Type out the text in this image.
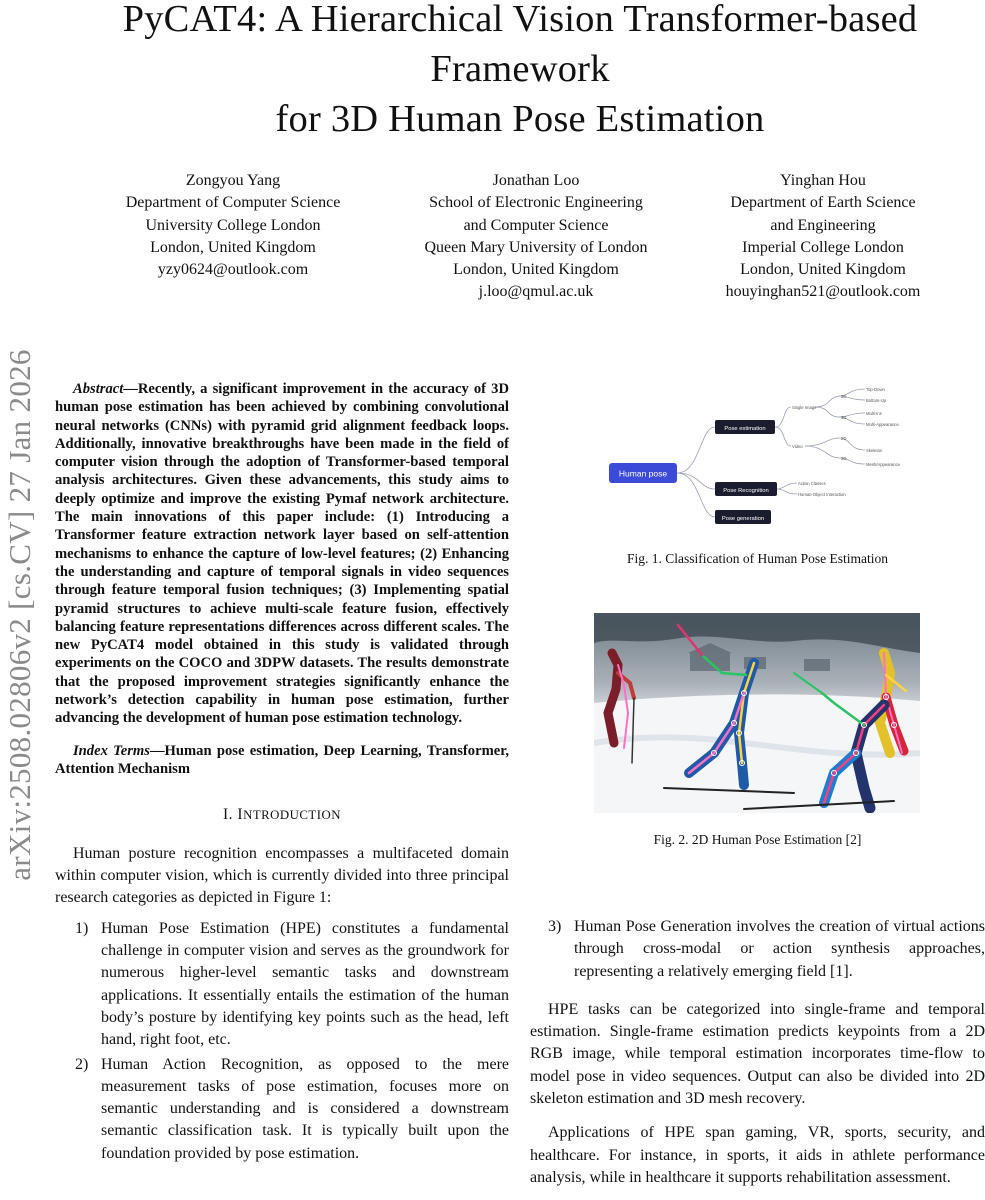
PyCAT4: A Hierarchical Vision Transformer-based
Framework
for 3D Human Pose Estimation
Zongyou Yang
Department of Computer Science
University College London
London, United Kingdom
yzy0624@outlook.com
Jonathan Loo
School of Electronic Engineering
and Computer Science
Queen Mary University of London
London, United Kingdom
j.loo@qmul.ac.uk
Yinghan Hou
Department of Earth Science
and Engineering
Imperial College London
London, United Kingdom
houyinghan521@outlook.com
arXiv:2508.02806v2 [cs.CV] 27 Jan 2026	Abstract—Recently, a significant improvement in the accuracy of 3D human pose estimation has been achieved by combining convolutional neural networks (CNNs) with pyramid grid alignment feedback loops. Additionally, innovative breakthroughs have been made in the field of computer vision through the adoption of Transformer-based temporal analysis architectures. Given these advancements, this study aims to deeply optimize and improve the existing Pymaf network architecture. The main innovations of this paper include: (1) Introducing a Transformer feature extraction network layer based on self-attention mechanisms to enhance the capture of low-level features; (2) Enhancing the understanding and capture of temporal signals in video sequences through feature temporal fusion techniques; (3) Implementing spatial pyramid structures to achieve multi-scale feature fusion, effectively balancing feature representations differences across different scales. The new PyCAT4 model obtained in this study is validated through experiments on the COCO and 3DPW datasets. The results demonstrate that the proposed improvement strategies significantly enhance the network’s detection capability in human pose estimation, further advancing the development of human pose estimation technology.

Index Terms—Human pose estimation, Deep Learning, Transformer, Attention Mechanism

I. INTRODUCTION

Human posture recognition encompasses a multifaceted domain within computer vision, which is currently divided into three principal research categories as depicted in Figure 1:

1) Human Pose Estimation (HPE) constitutes a fundamental challenge in computer vision and serves as the groundwork for numerous higher-level semantic tasks and downstream applications. It essentially entails the estimation of the human body’s posture by identifying key points such as the head, left hand, right foot, etc.
2) Human Action Recognition, as opposed to the mere measurement tasks of pose estimation, focuses more on semantic understanding and is considered a downstream semantic classification task. It is typically built upon the foundation provided by pose estimation.
Human pose
Pose estimation
Pose Recognition
Pose generation
Single Image
Video
2D
3D
2D
3D
Top-Down
Bottom-Up
Multi-Ins
Multi-Appearance
Skeleton
Mesh/Appearance
Action Classes
Human-Object Interaction
Fig. 1. Classification of Human Pose Estimation
Fig. 2. 2D Human Pose Estimation [2]
3) Human Pose Generation involves the creation of virtual actions through cross-modal or action synthesis approaches, representing a relatively emerging field [1].

HPE tasks can be categorized into single-frame and temporal estimation. Single-frame estimation predicts keypoints from a 2D RGB image, while temporal estimation incorporates time-flow to model pose in video sequences. Output can also be divided into 2D skeleton estimation and 3D mesh recovery.

Applications of HPE span gaming, VR, sports, security, and healthcare. For instance, in sports, it aids in athlete performance analysis, while in healthcare it supports rehabilitation assessment.
